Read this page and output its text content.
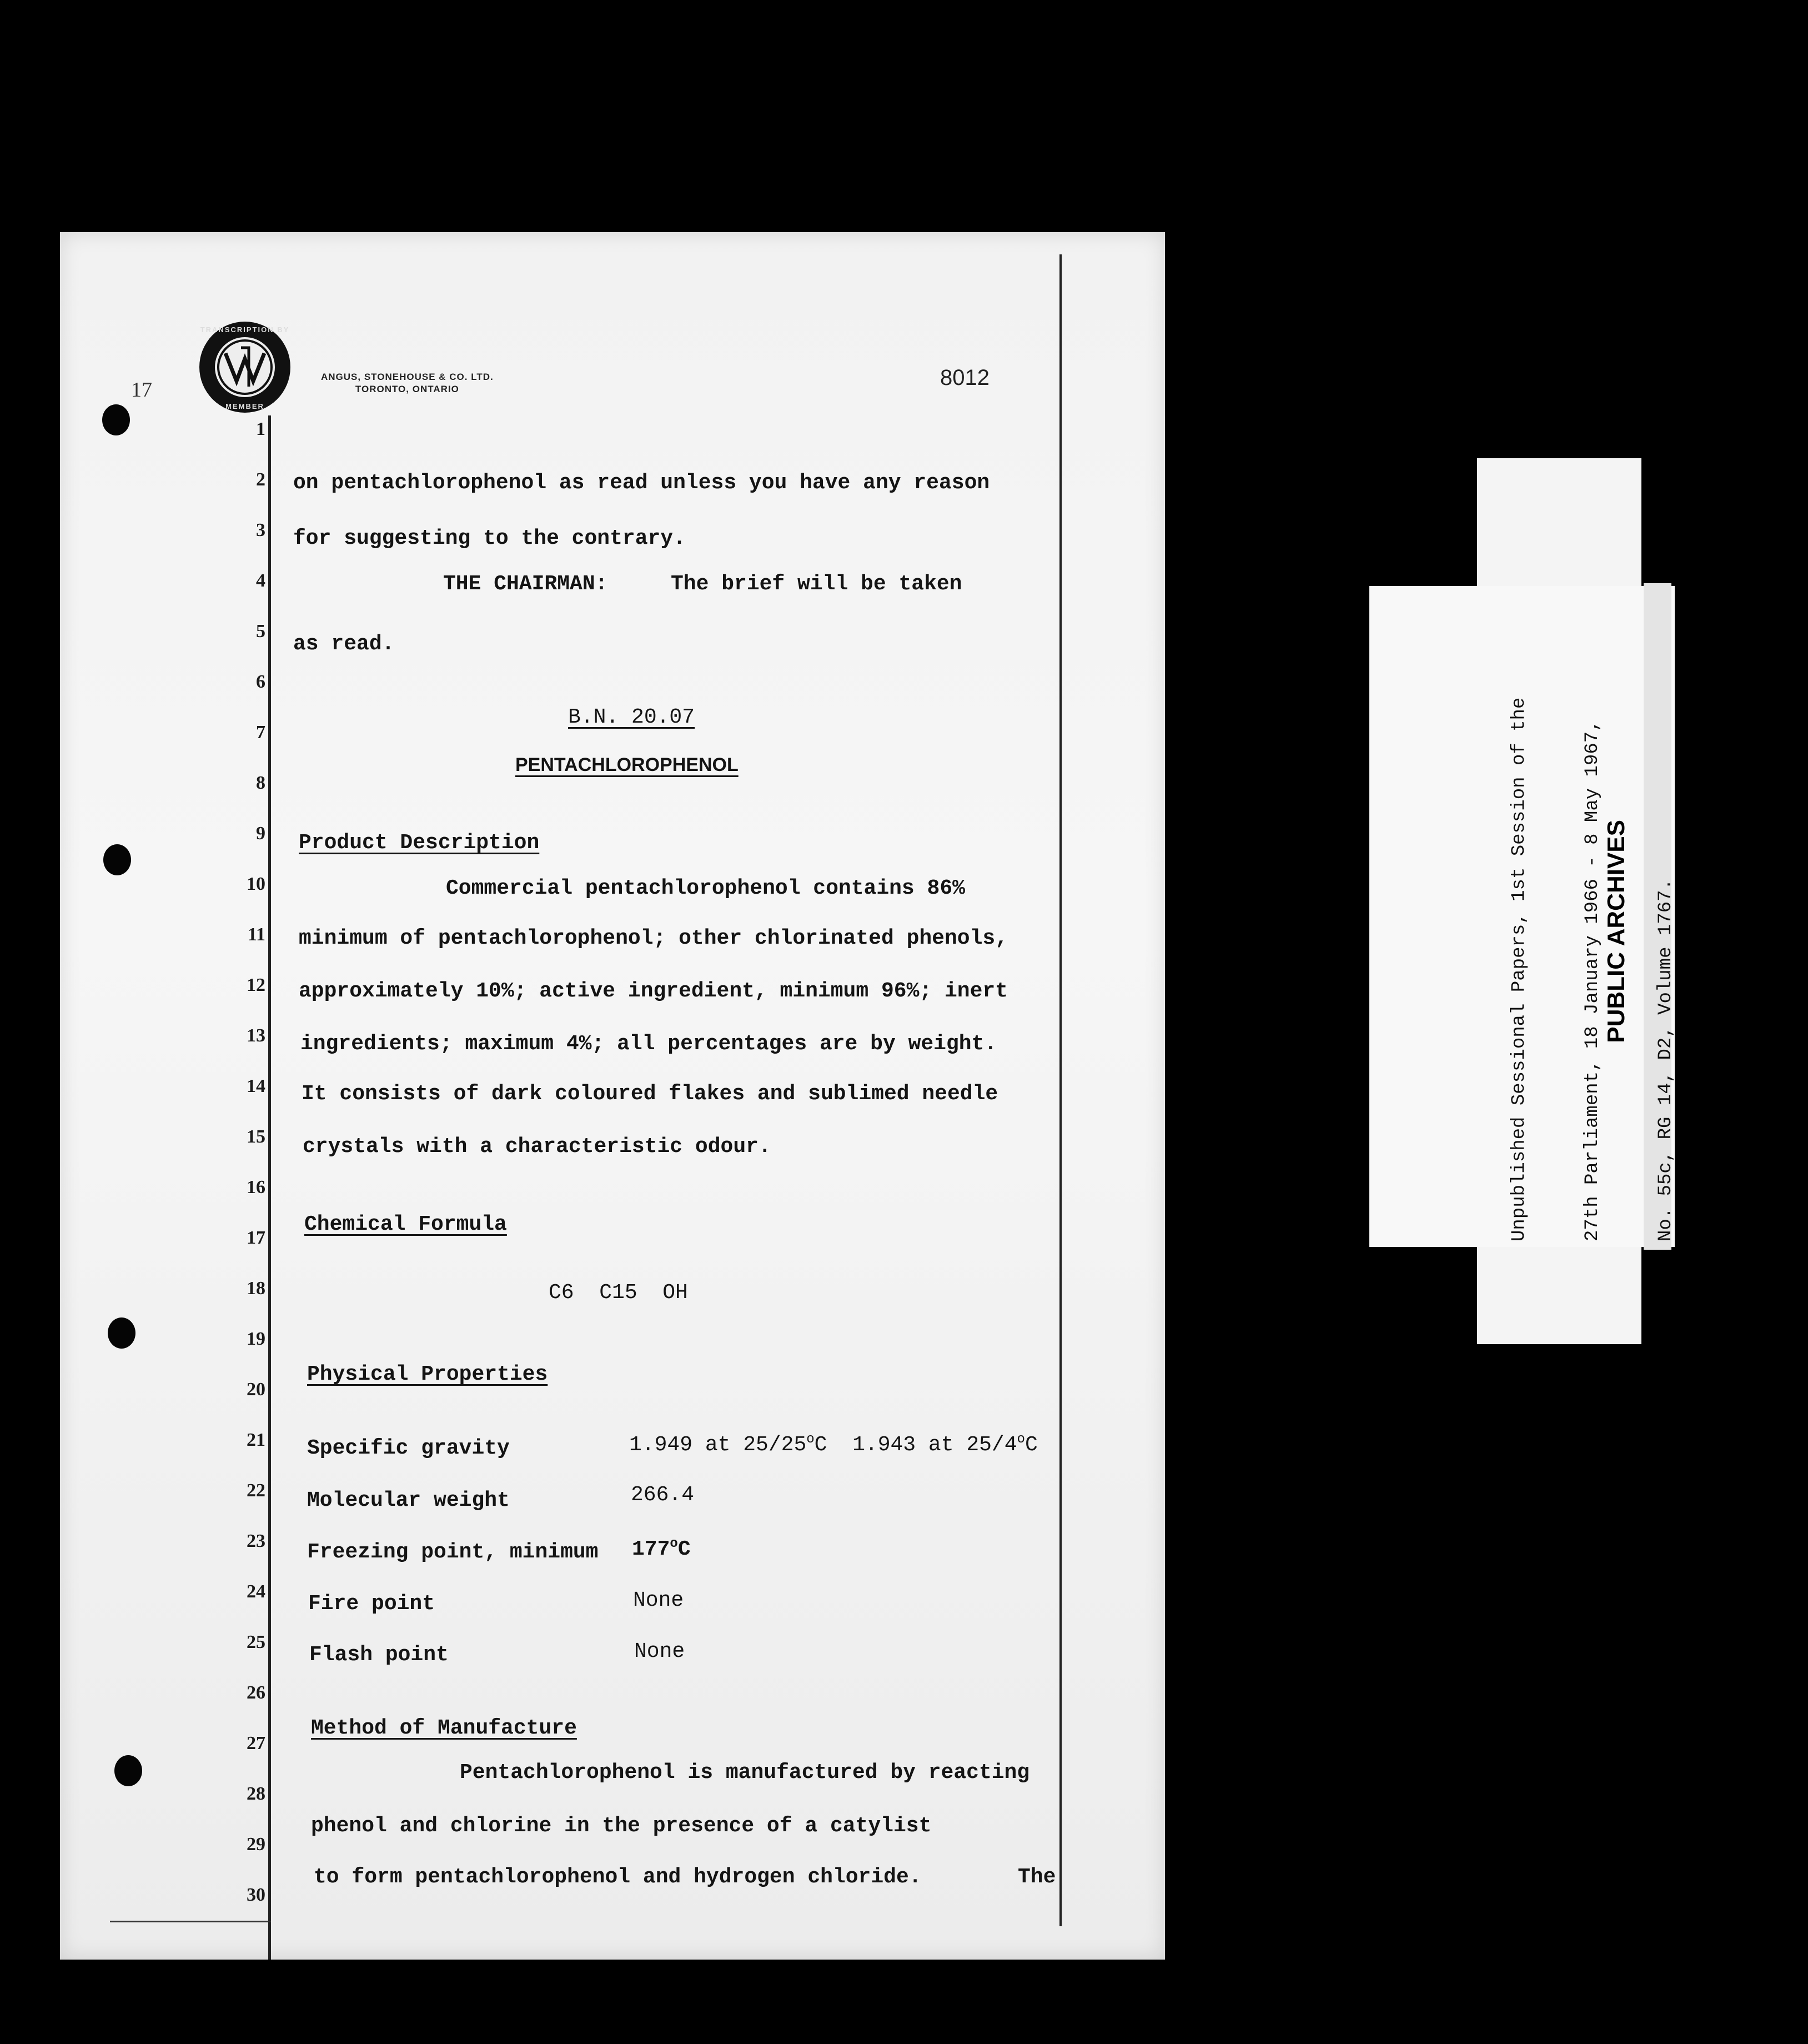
17
TRANSCRIPTION BY
MEMBER
ANGUS, STONEHOUSE & CO. LTD.
TORONTO, ONTARIO	8012
1
2
3
4
5
6
7
8
9
10
11
12
13
14
15
16
17
18
19
20
21
22
23
24
25
26
27
28
29
30
on pentachlorophenol as read unless you have any reason
for suggesting to the contrary.
THE CHAIRMAN:	The brief will be taken
as read.
B.N. 20.07
PENTACHLOROPHENOL
Product Description
Commercial pentachlorophenol contains 86%
minimum of pentachlorophenol; other chlorinated phenols,
approximately 10%; active ingredient, minimum 96%; inert
ingredients; maximum 4%; all percentages are by weight.
It consists of dark coloured flakes and sublimed needle
crystals with a characteristic odour.
Chemical Formula
C6  C15  OH
Physical Properties
Specific gravity	1.949 at 25/25$^o$C  1.943 at 25/4$^o$C
Molecular weight	266.4
Freezing point, minimum 177$^o$C
Fire point	None
Flash point	None
Method of Manufacture
Pentachlorophenol is manufactured by reacting
phenol and chlorine in the presence of a catylist
to form pentachlorophenol and hydrogen chloride.	The

Unpublished Sessional Papers, 1st Session of the

	27th Parliament, 18 January 1966 - 8 May 1967,

	No. 55c, RG 14, D2, Volume 1767.

PUBLIC ARCHIVES

ARCHIVES PUBLIQUES

CANADA
